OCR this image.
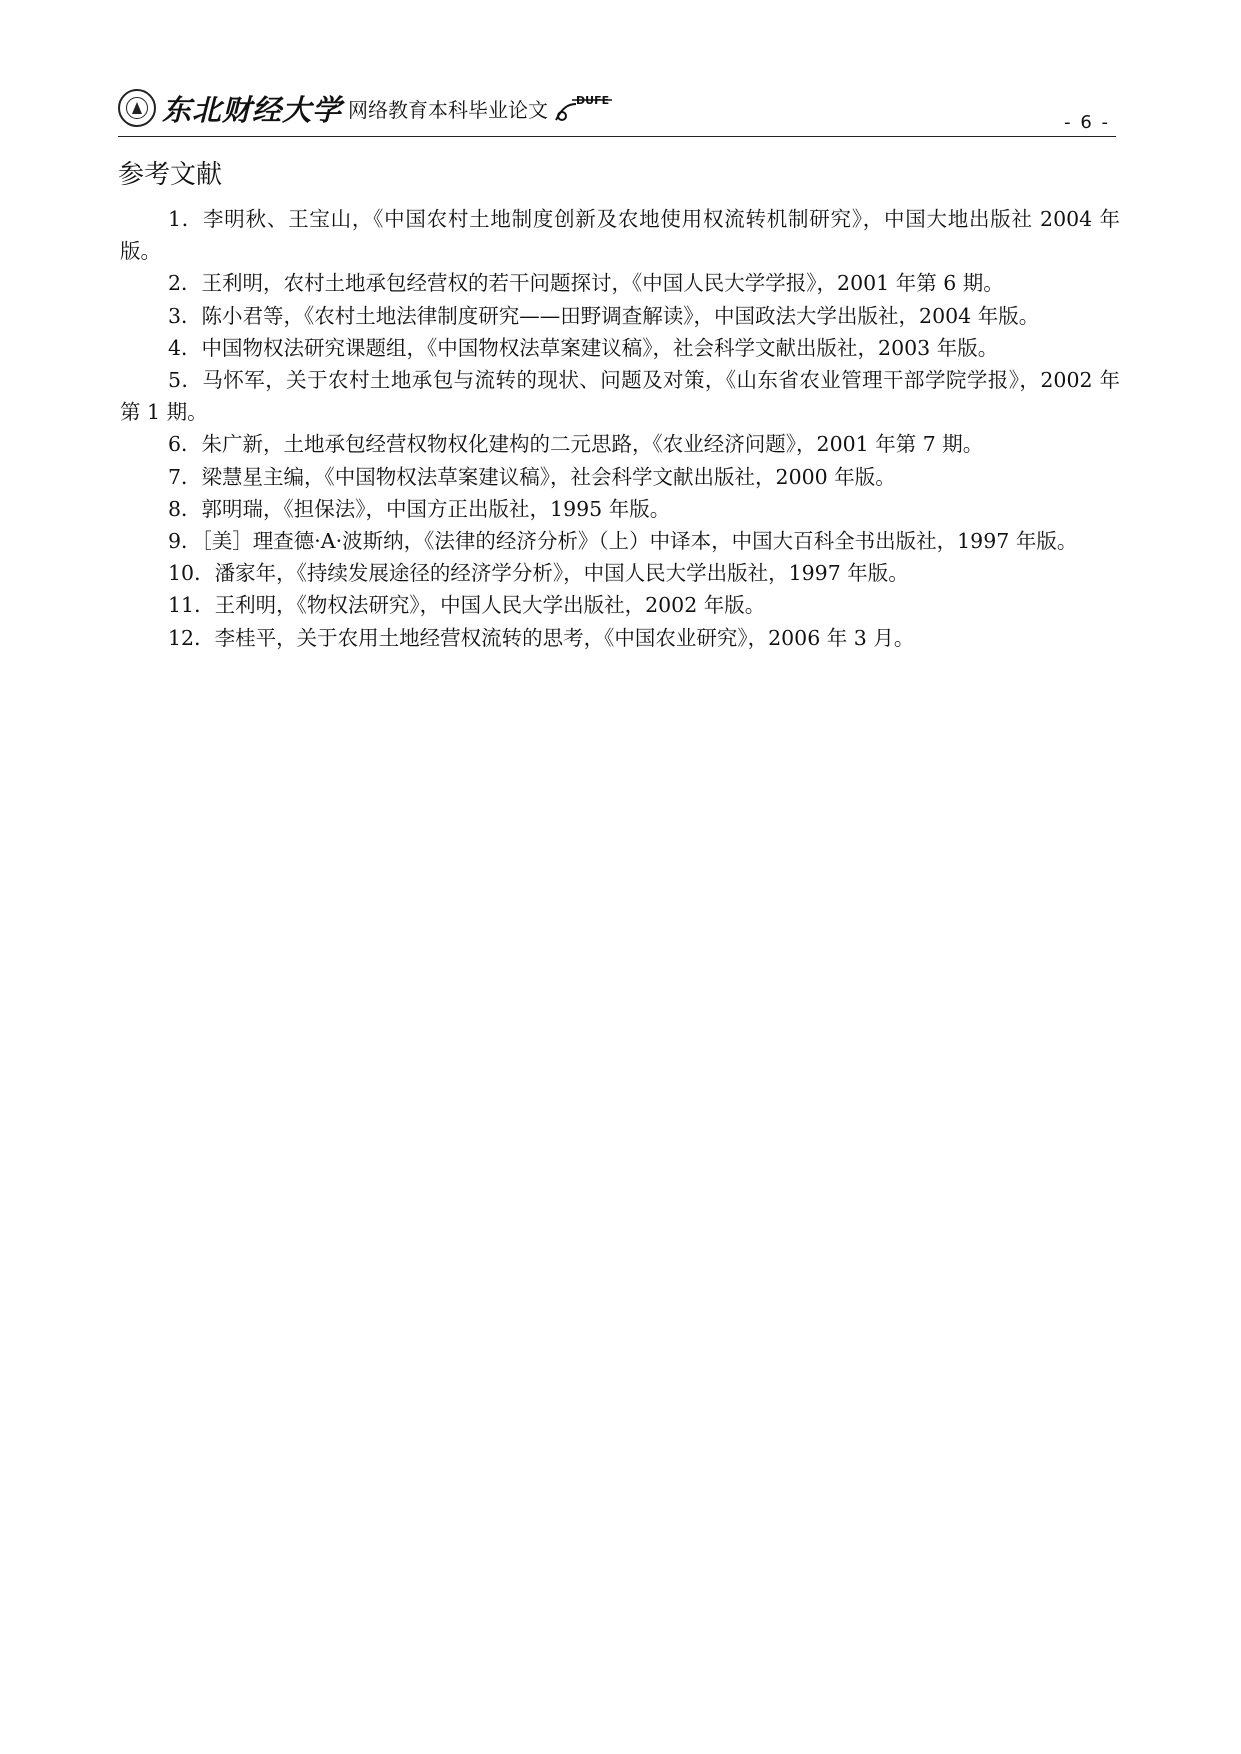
东北财经大学 网络教育本科毕业论文	DUFE
- 6 -
参考文献

1．李明秋、王宝山，《中国农村土地制度创新及农地使用权流转机制研究》，中国大地出版社 2004 年版。

2．王利明，农村土地承包经营权的若干问题探讨，《中国人民大学学报》，2001 年第 6 期。

3．陈小君等，《农村土地法律制度研究——田野调查解读》，中国政法大学出版社，2004 年版。

4．中国物权法研究课题组，《中国物权法草案建议稿》，社会科学文献出版社，2003 年版。

5．马怀军，关于农村土地承包与流转的现状、问题及对策，《山东省农业管理干部学院学报》，2002 年第 1 期。

6．朱广新，土地承包经营权物权化建构的二元思路，《农业经济问题》，2001 年第 7 期。

7．梁慧星主编，《中国物权法草案建议稿》，社会科学文献出版社，2000 年版。

8．郭明瑞，《担保法》，中国方正出版社，1995 年版。

9．［美］理查德·A·波斯纳，《法律的经济分析》（上）中译本，中国大百科全书出版社，1997 年版。

10．潘家年，《持续发展途径的经济学分析》，中国人民大学出版社，1997 年版。

11．王利明，《物权法研究》，中国人民大学出版社，2002 年版。

12．李桂平，关于农用土地经营权流转的思考，《中国农业研究》，2006 年 3 月。
